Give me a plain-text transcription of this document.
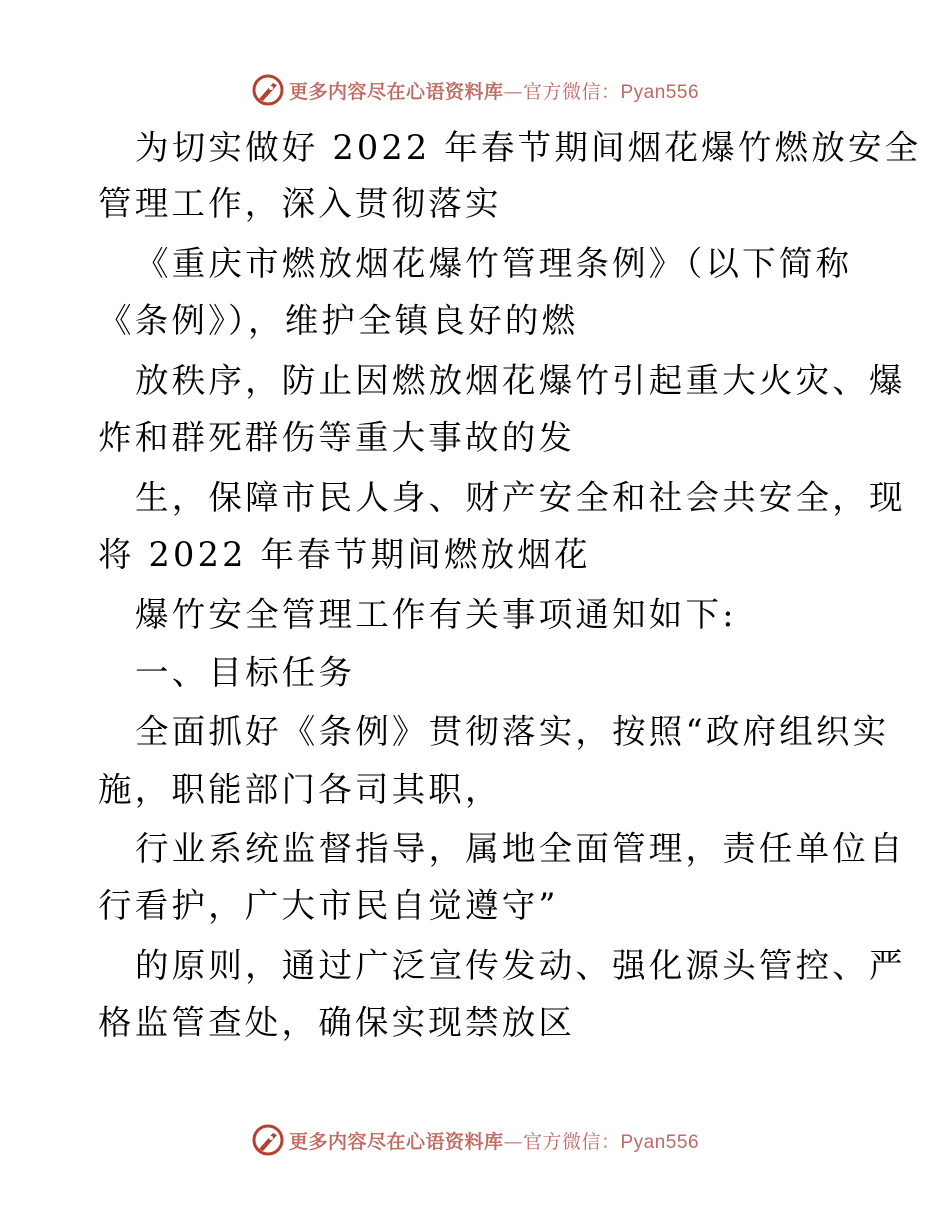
更多内容尽在心语资料库—官方微信：Pyan556
为切实做好 2022 年春节期间烟花爆竹燃放安全
管理工作，深入贯彻落实
《重庆市燃放烟花爆竹管理条例》（以下简称
《条例》），维护全镇良好的燃
放秩序，防止因燃放烟花爆竹引起重大火灾、爆
炸和群死群伤等重大事故的发
生，保障市民人身、财产安全和社会共安全，现
将 2022 年春节期间燃放烟花
爆竹安全管理工作有关事项通知如下:
一、目标任务
全面抓好《条例》贯彻落实，按照“政府组织实
施，职能部门各司其职，
行业系统监督指导，属地全面管理，责任单位自
行看护，广大市民自觉遵守”
的原则，通过广泛宣传发动、强化源头管控、严
格监管查处，确保实现禁放区
更多内容尽在心语资料库—官方微信：Pyan556
